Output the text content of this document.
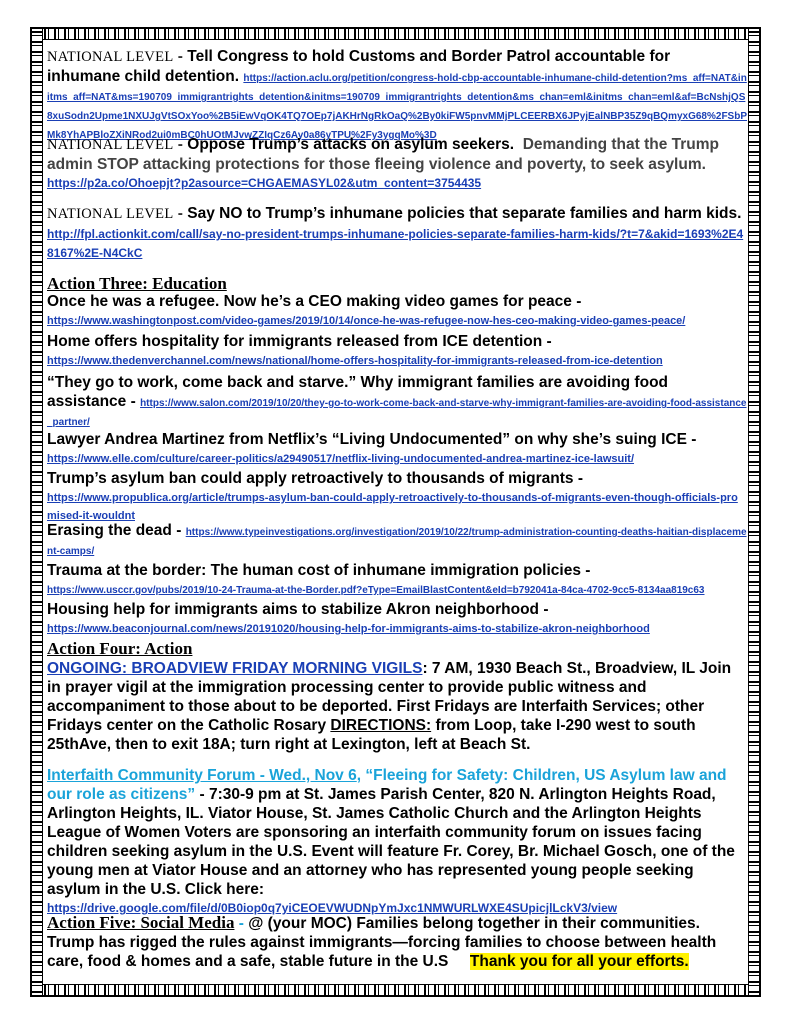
NATIONAL LEVEL - Tell Congress to hold Customs and Border Patrol accountable for inhumane child detention. https://action.aclu.org/petition/congress-hold-cbp-accountable-inhumane-child-detention?ms_aff=NAT&initms_aff=NAT&ms=190709_immigrantrights_detention&initms=190709_immigrantrights_detention&ms_chan=eml&initms_chan=eml&af=BcNshjQS8xuSodn2Upme1NXUJgVtSOxYoo%2B5iEwVqOK4TQ7OEp7jAKHrNgRkOaQ%2By0kiFW5pnvMMjPLCEERBX6JPyjEalNBP35Z9qBQmyxG68%2FSbPMk8YhAPBloZXiNRod2ui0mBC0hUOtMJvwZZIqCz6Ay0a86yTPU%2Fy3ygqMo%3D

NATIONAL LEVEL - Oppose Trump’s attacks on asylum seekers. Demanding that the Trump admin STOP attacking protections for those fleeing violence and poverty, to seek asylum.

https://p2a.co/Ohoepjt?p2asource=CHGAEMASYL02&utm_content=3754435

NATIONAL LEVEL - Say NO to Trump’s inhumane policies that separate families and harm kids.  http://fpl.actionkit.com/call/say-no-president-trumps-inhumane-policies-separate-families-harm-kids/?t=7&akid=1693%2E48167%2E-N4CkC

Action Three: Education

Once he was a refugee. Now he’s a CEO making video games for peace -

https://www.washingtonpost.com/video-games/2019/10/14/once-he-was-refugee-now-hes-ceo-making-video-games-peace/

Home offers hospitality for immigrants released from ICE detention -

https://www.thedenverchannel.com/news/national/home-offers-hospitality-for-immigrants-released-from-ice-detention

“They go to work, come back and starve.” Why immigrant families are avoiding food assistance - https://www.salon.com/2019/10/20/they-go-to-work-come-back-and-starve-why-immigrant-families-are-avoiding-food-assistance_partner/

Lawyer Andrea Martinez from Netflix’s “Living Undocumented” on why she’s suing ICE -

https://www.elle.com/culture/career-politics/a29490517/netflix-living-undocumented-andrea-martinez-ice-lawsuit/

Trump’s asylum ban could apply retroactively to thousands of migrants -

https://www.propublica.org/article/trumps-asylum-ban-could-apply-retroactively-to-thousands-of-migrants-even-though-officials-promised-it-wouldnt

Erasing the dead - https://www.typeinvestigations.org/investigation/2019/10/22/trump-administration-counting-deaths-haitian-displacement-camps/

Trauma at the border: The human cost of inhumane immigration policies -

https://www.usccr.gov/pubs/2019/10-24-Trauma-at-the-Border.pdf?eType=EmailBlastContent&eId=b792041a-84ca-4702-9cc5-8134aa819c63

Housing help for immigrants aims to stabilize Akron neighborhood -

https://www.beaconjournal.com/news/20191020/housing-help-for-immigrants-aims-to-stabilize-akron-neighborhood

Action Four: Action

ONGOING: BROADVIEW FRIDAY MORNING VIGILS: 7 AM, 1930 Beach St., Broadview, IL Join in prayer vigil at the immigration processing center to provide public witness and accompaniment to those about to be deported. First Fridays are Interfaith Services; other Fridays center on the Catholic Rosary DIRECTIONS: from Loop, take I-290 west to south 25thAve, then to exit 18A; turn right at Lexington, left at Beach St.

Interfaith Community Forum - Wed., Nov 6, “Fleeing for Safety: Children, US Asylum law and our role as citizens” - 7:30-9 pm at St. James Parish Center, 820 N. Arlington Heights Road, Arlington Heights, IL. Viator House, St. James Catholic Church and the Arlington Heights League of Women Voters are sponsoring an interfaith community forum on issues facing children seeking asylum in the U.S. Event will feature Fr. Corey, Br. Michael Gosch, one of the young men at Viator House and an attorney who has represented young people seeking asylum in the U.S. Click here:

https://drive.google.com/file/d/0B0iop0q7yiCEOEVWUDNpYmJxc1NMWURLWXE4SUpicjlLckV3/view

Action Five: Social Media - @ (your MOC) Families belong together in their communities. Trump has rigged the rules against immigrants—forcing families to choose between health care, food & homes and a safe, stable future in the U.S Thank you for all your efforts.
